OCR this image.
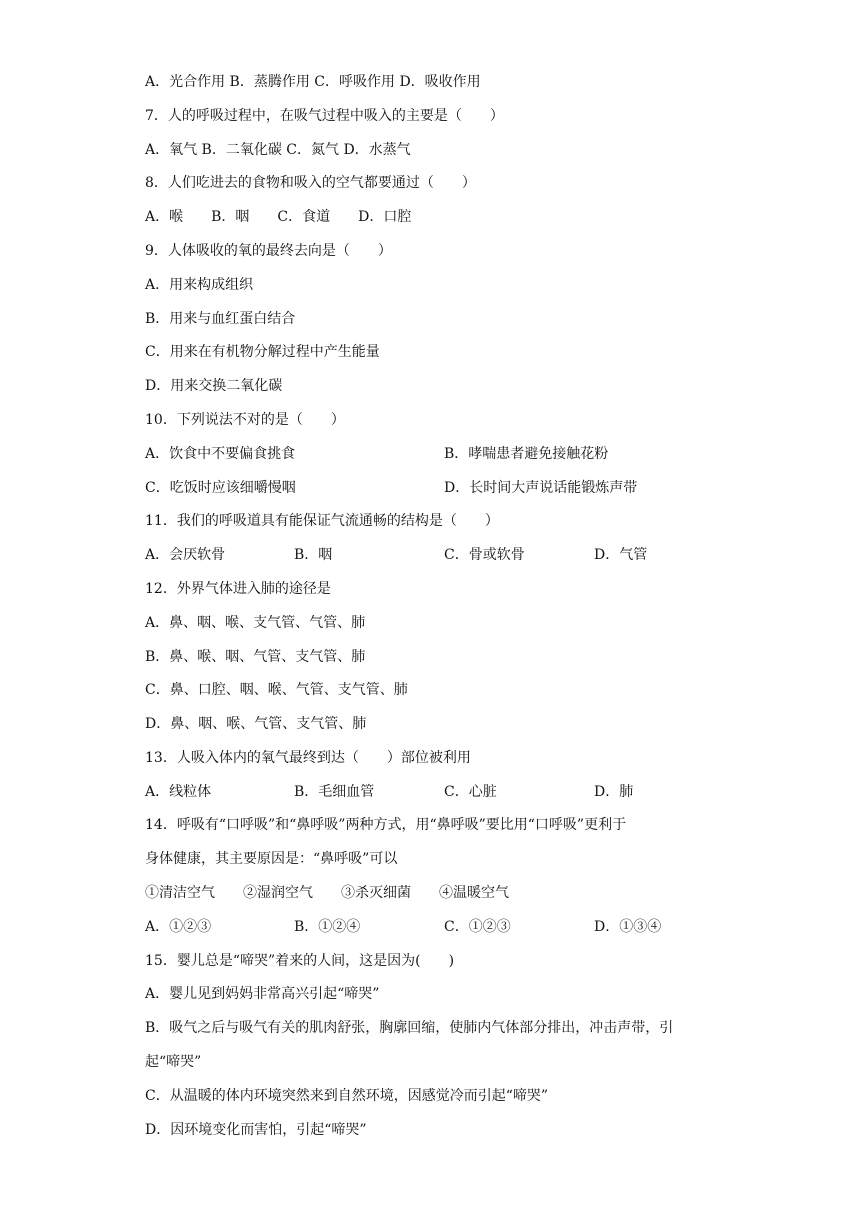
A．光合作用 B．蒸腾作用 C．呼吸作用 D．吸收作用
7．人的呼吸过程中，在吸气过程中吸入的主要是（　　）
A．氧气 B．二氧化碳 C．氮气 D．水蒸气
8．人们吃进去的食物和吸入的空气都要通过（　　）
A．喉　　B．咽　　C．食道　　D．口腔
9．人体吸收的氧的最终去向是（　　）
A．用来构成组织
B．用来与血红蛋白结合
C．用来在有机物分解过程中产生能量
D．用来交换二氧化碳
10．下列说法不对的是（　　）
A．饮食中不要偏食挑食	B．哮喘患者避免接触花粉
C．吃饭时应该细嚼慢咽	D．长时间大声说话能锻炼声带
11．我们的呼吸道具有能保证气流通畅的结构是（　　）
A．会厌软骨	B．咽	C．骨或软骨	D．气管
12．外界气体进入肺的途径是
A．鼻、咽、喉、支气管、气管、肺
B．鼻、喉、咽、气管、支气管、肺
C．鼻、口腔、咽、喉、气管、支气管、肺
D．鼻、咽、喉、气管、支气管、肺
13．人吸入体内的氧气最终到达（　　）部位被利用
A．线粒体	B．毛细血管	C．心脏	D．肺
14．呼吸有“口呼吸”和“鼻呼吸”两种方式，用“鼻呼吸”要比用“口呼吸”更利于
身体健康，其主要原因是：“鼻呼吸”可以
①清洁空气　　②湿润空气　　③杀灭细菌　　④温暖空气
A．①②③	B．①②④	C．①②③	D．①③④
15．婴儿总是“啼哭”着来的人间，这是因为(　　)
A．婴儿见到妈妈非常高兴引起“啼哭”
B．吸气之后与吸气有关的肌肉舒张，胸廓回缩，使肺内气体部分排出，冲击声带，引
起“啼哭”
C．从温暖的体内环境突然来到自然环境，因感觉冷而引起“啼哭”
D．因环境变化而害怕，引起“啼哭”
